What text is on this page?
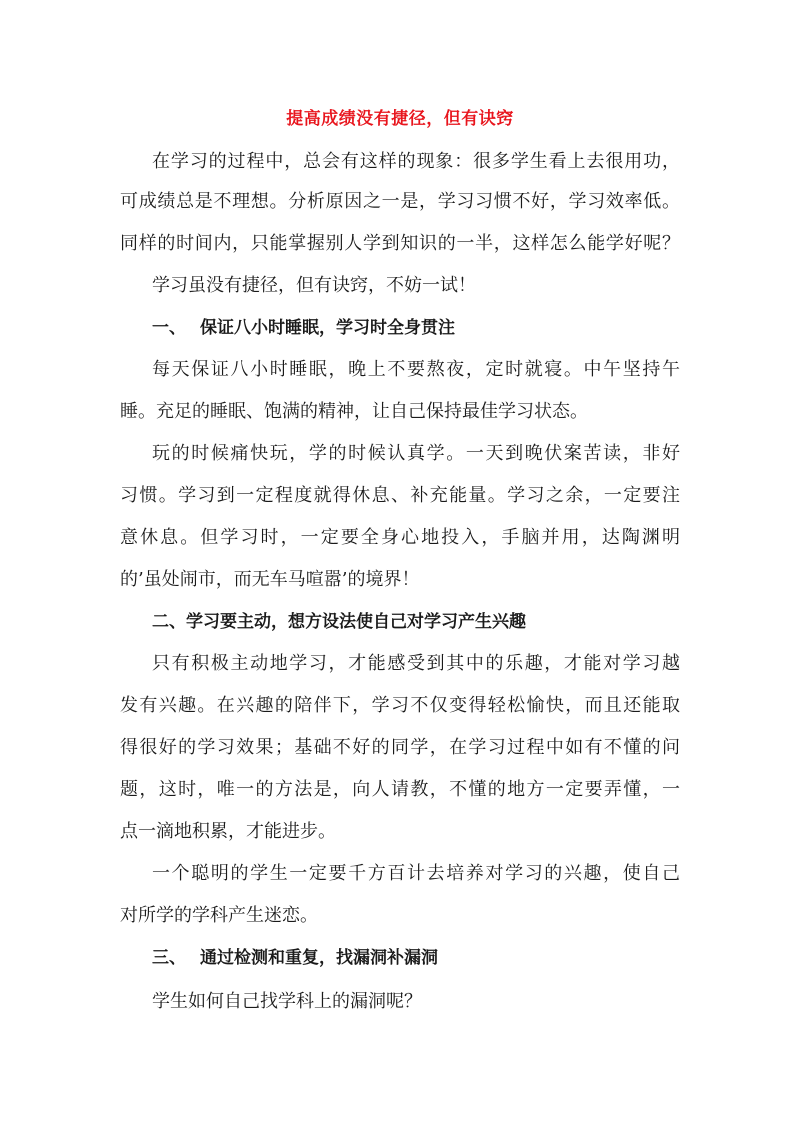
提高成绩没有捷径，但有诀窍
在学习的过程中，总会有这样的现象：很多学生看上去很用功，
可成绩总是不理想。分析原因之一是，学习习惯不好，学习效率低。
同样的时间内，只能掌握别人学到知识的一半，这样怎么能学好呢？
学习虽没有捷径，但有诀窍，不妨一试！
一、 保证八小时睡眠，学习时全身贯注
每天保证八小时睡眠，晚上不要熬夜，定时就寝。中午坚持午
睡。充足的睡眠、饱满的精神，让自己保持最佳学习状态。
玩的时候痛快玩，学的时候认真学。一天到晚伏案苦读，非好
习惯。学习到一定程度就得休息、补充能量。学习之余，一定要注
意休息。但学习时，一定要全身心地投入，手脑并用，达陶渊明
的’虽处闹市，而无车马喧嚣’的境界！
二、学习要主动，想方设法使自己对学习产生兴趣
只有积极主动地学习，才能感受到其中的乐趣，才能对学习越
发有兴趣。在兴趣的陪伴下，学习不仅变得轻松愉快，而且还能取
得很好的学习效果；基础不好的同学，在学习过程中如有不懂的问
题，这时，唯一的方法是，向人请教，不懂的地方一定要弄懂，一
点一滴地积累，才能进步。
一个聪明的学生一定要千方百计去培养对学习的兴趣，使自己
对所学的学科产生迷恋。
三、 通过检测和重复，找漏洞补漏洞
学生如何自己找学科上的漏洞呢？
